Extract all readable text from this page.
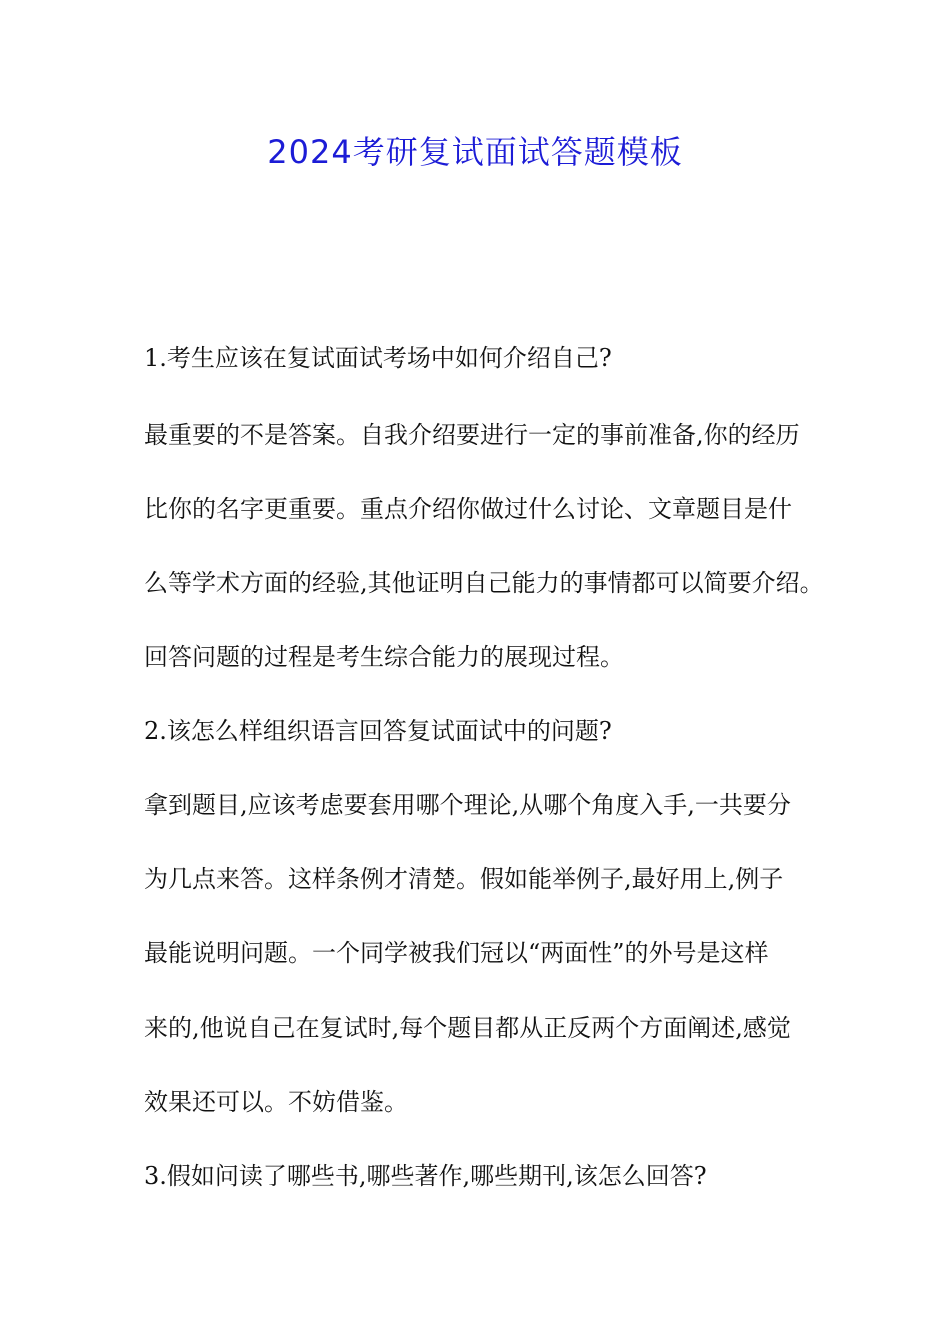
2024考研复试面试答题模板

1.考生应该在复试面试考场中如何介绍自己?

最重要的不是答案。自我介绍要进行一定的事前准备,你的经历

比你的名字更重要。重点介绍你做过什么讨论、文章题目是什

么等学术方面的经验,其他证明自己能力的事情都可以简要介绍。

回答问题的过程是考生综合能力的展现过程。

2.该怎么样组织语言回答复试面试中的问题?

拿到题目,应该考虑要套用哪个理论,从哪个角度入手,一共要分

为几点来答。这样条例才清楚。假如能举例子,最好用上,例子

最能说明问题。一个同学被我们冠以“两面性”的外号是这样

来的,他说自己在复试时,每个题目都从正反两个方面阐述,感觉

效果还可以。不妨借鉴。

3.假如问读了哪些书,哪些著作,哪些期刊,该怎么回答?
